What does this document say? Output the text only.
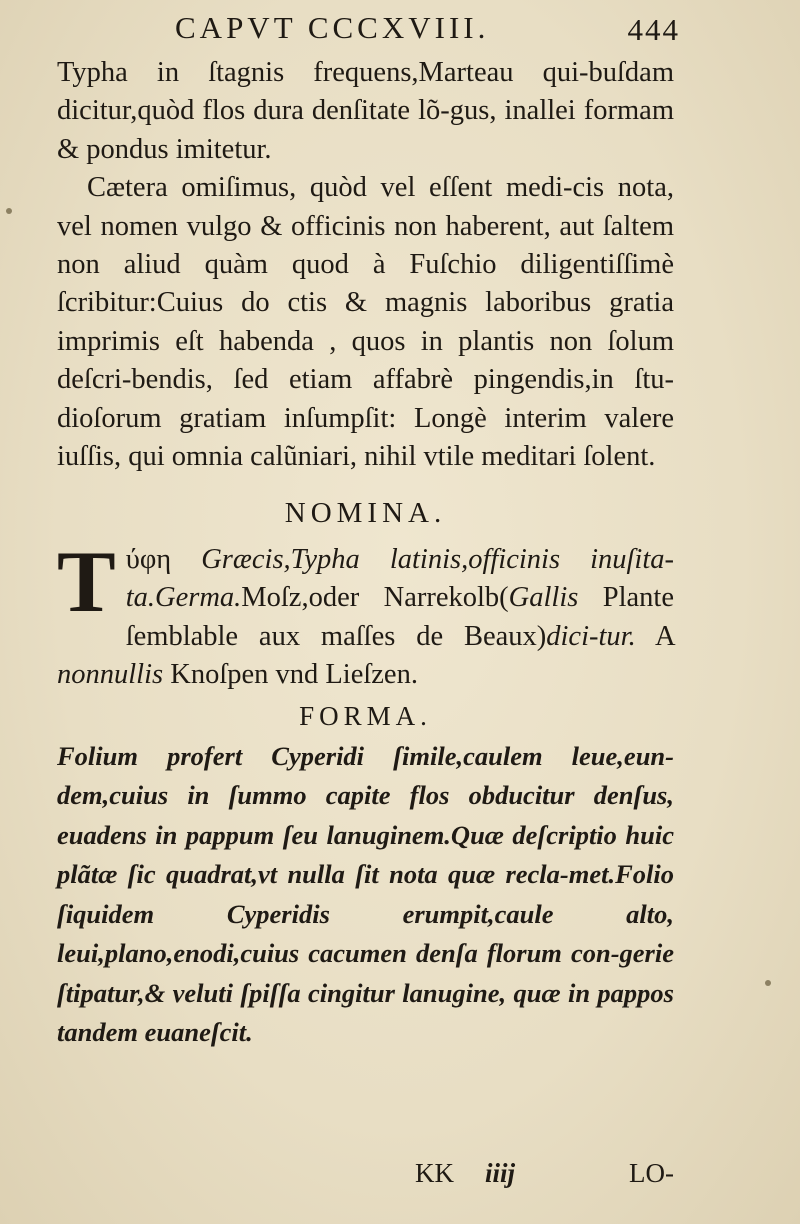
CAPVT CCCXVIII.	444

Typha in ſtagnis frequens,Marteau qui-buſdam dicitur,quòd flos dura denſitate lõ-gus, inallei formam & pondus imitetur.

Cætera omiſimus, quòd vel eſſent medi-cis nota, vel nomen vulgo & officinis non haberent, aut ſaltem non aliud quàm quod à Fuſchio diligentiſſimè ſcribitur:Cuius do ctis & magnis laboribus gratia imprimis eſt habenda , quos in plantis non ſolum deſcri-bendis, ſed etiam affabrè pingendis,in ſtu-dioſorum gratiam inſumpſit: Longè interim valere iuſſis, qui omnia calũniari, nihil vtile meditari ſolent.

NOMINA.

Tύφη Græcis,Typha latinis,officinis inuſita-ta.Germa.Moſz,oder Narrekolb(Gallis Plante ſemblable aux maſſes de Beaux)dici-tur. A nonnullis Knoſpen vnd Lieſzen.

FORMA.

Folium profert Cyperidi ſimile,caulem leue,eun-dem,cuius in ſummo capite flos obducitur denſus, euadens in pappum ſeu lanuginem.Quæ deſcriptio huic plãtæ ſic quadrat,vt nulla ſit nota quæ recla-met.Folio ſiquidem Cyperidis erumpit,caule alto, leui,plano,enodi,cuius cacumen denſa florum con-gerie ſtipatur,& veluti ſpiſſa cingitur lanugine, quæ in pappos tandem euaneſcit.

KK iiij	LO-
